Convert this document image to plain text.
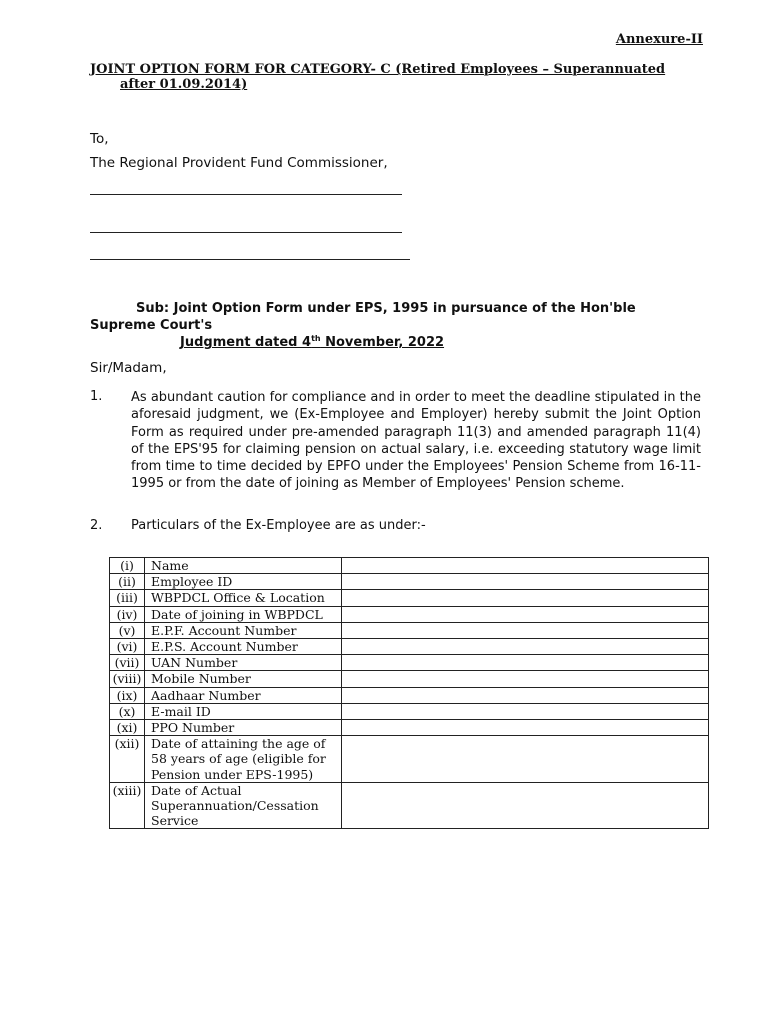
Annexure-II
JOINT OPTION FORM FOR CATEGORY- C (Retired Employees – Superannuated
after 01.09.2014)
To,
The Regional Provident Fund Commissioner,
Sub: Joint Option Form under EPS, 1995 in pursuance of the Hon'ble
Supreme Court's
Judgment dated 4th November, 2022
Sir/Madam,
1. As abundant caution for compliance and in order to meet the deadline stipulated in the aforesaid judgment, we (Ex-Employee and Employer) hereby submit the Joint Option Form as required under pre-amended paragraph 11(3) and amended paragraph 11(4) of the EPS'95 for claiming pension on actual salary, i.e. exceeding statutory wage limit from time to time decided by EPFO under the Employees' Pension Scheme from 16-11-1995 or from the date of joining as Member of Employees' Pension scheme.
2. Particulars of the Ex-Employee are as under:-
(i)	Name	
(ii)	Employee ID	
(iii)	WBPDCL Office & Location	
(iv)	Date of joining in WBPDCL	
(v)	E.P.F. Account Number	
(vi)	E.P.S. Account Number	
(vii)	UAN Number	
(viii)	Mobile Number	
(ix)	Aadhaar Number	
(x)	E-mail ID	
(xi)	PPO Number	
(xii)	Date of attaining the age of 58 years of age (eligible for Pension under EPS-1995)	
(xiii)	Date of Actual Superannuation/Cessation Service	
